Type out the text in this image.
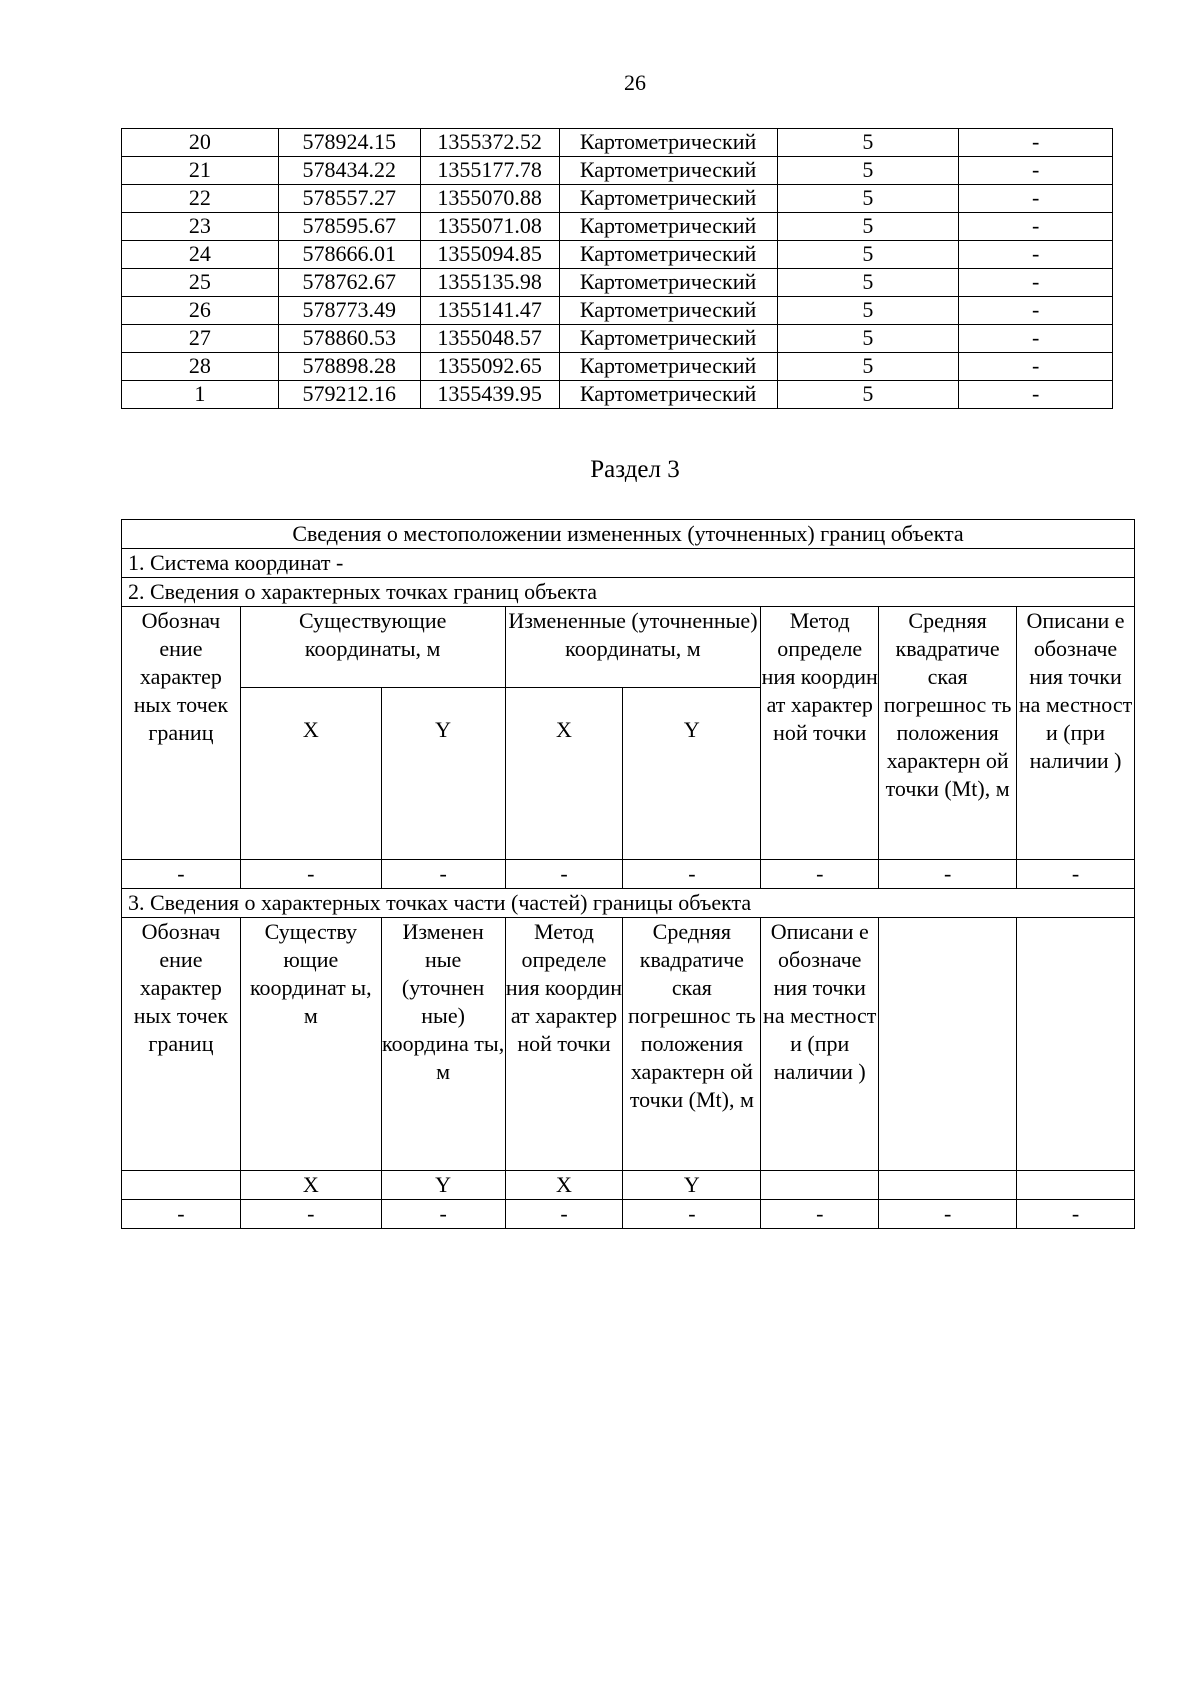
26
20	578924.15	1355372.52	Картометрический	5	-
21	578434.22	1355177.78	Картометрический	5	-
22	578557.27	1355070.88	Картометрический	5	-
23	578595.67	1355071.08	Картометрический	5	-
24	578666.01	1355094.85	Картометрический	5	-
25	578762.67	1355135.98	Картометрический	5	-
26	578773.49	1355141.47	Картометрический	5	-
27	578860.53	1355048.57	Картометрический	5	-
28	578898.28	1355092.65	Картометрический	5	-
1	579212.16	1355439.95	Картометрический	5	-
Раздел 3
Сведения о местоположении измененных (уточненных) границ объекта							
1. Система координат -							
2. Сведения о характерных точках границ объекта							
Обознач ение характер ных точек границ	Существующие координаты, м		Измененные (уточненные) координаты, м		Метод определе ния координ ат характер ной точки	Средняя квадратиче ская погрешнос ть положения характерн ой точки (Mt), м	Описани е обозначе ния точки на местност и (при наличии )
	X	Y	X	Y			
-	-	-	-	-	-	-	-
3. Сведения о характерных точках части (частей) границы объекта							
Обознач ение характер ных точек границ	Существу ющие координат ы, м	Изменен ные (уточнен ные) координа ты, м	Метод определе ния координ ат характер ной точки	Средняя квадратиче ская погрешнос ть положения характерн ой точки (Mt), м	Описани е обозначе ния точки на местност и (при наличии )		
	X	Y	X	Y			
-	-	-	-	-	-	-	-
